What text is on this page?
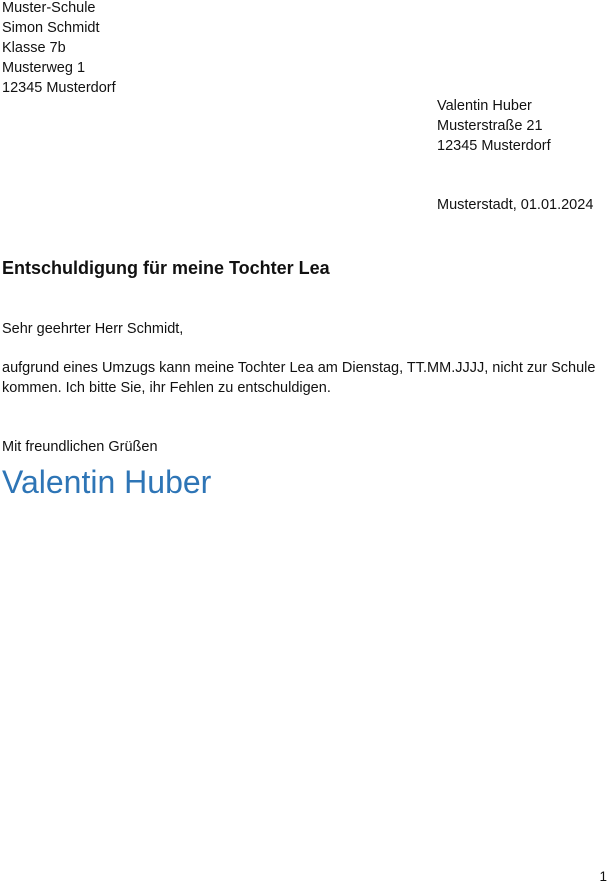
Muster-Schule
Simon Schmidt
Klasse 7b
Musterweg 1
12345 Musterdorf
Valentin Huber
Musterstraße 21
12345 Musterdorf
Musterstadt, 01.01.2024
Entschuldigung für meine Tochter Lea
Sehr geehrter Herr Schmidt,
aufgrund eines Umzugs kann meine Tochter Lea am Dienstag, TT.MM.JJJJ, nicht zur Schule
kommen. Ich bitte Sie, ihr Fehlen zu entschuldigen.
Mit freundlichen Grüßen
Valentin Huber
1
